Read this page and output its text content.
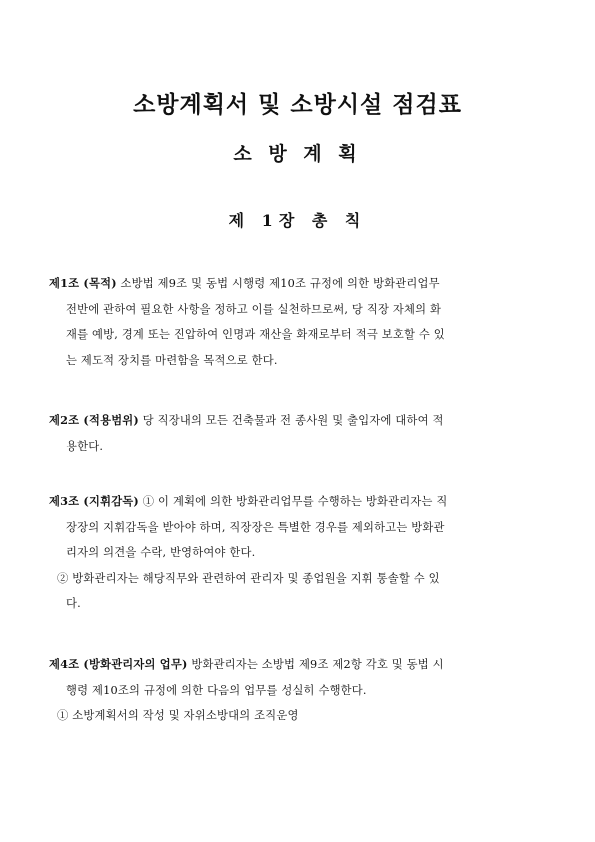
소방계획서 및 소방시설 점검표
소 방 계 획
제 1장 총 칙
제1조 (목적) 소방법 제9조 및 동법 시행령 제10조 규정에 의한 방화관리업무
전반에 관하여 필요한 사항을 정하고 이를 실천하므로써, 당 직장 자체의 화
재를 예방, 경계 또는 진압하여 인명과 재산을 화재로부터 적극 보호할 수 있
는 제도적 장치를 마련함을 목적으로 한다.
제2조 (적용범위) 당 직장내의 모든 건축물과 전 종사원 및 출입자에 대하여 적
용한다.
제3조 (지휘감독) ① 이 계획에 의한 방화관리업무를 수행하는 방화관리자는 직
장장의 지휘감독을 받아야 하며, 직장장은 특별한 경우를 제외하고는 방화관
리자의 의견을 수락, 반영하여야 한다.
② 방화관리자는 해당직무와 관련하여 관리자 및 종업원을 지휘 통솔할 수 있
다.
제4조 (방화관리자의 업무) 방화관리자는 소방법 제9조 제2항 각호 및 동법 시
행령 제10조의 규정에 의한 다음의 업무를 성실히 수행한다.
① 소방계획서의 작성 및 자위소방대의 조직운영
